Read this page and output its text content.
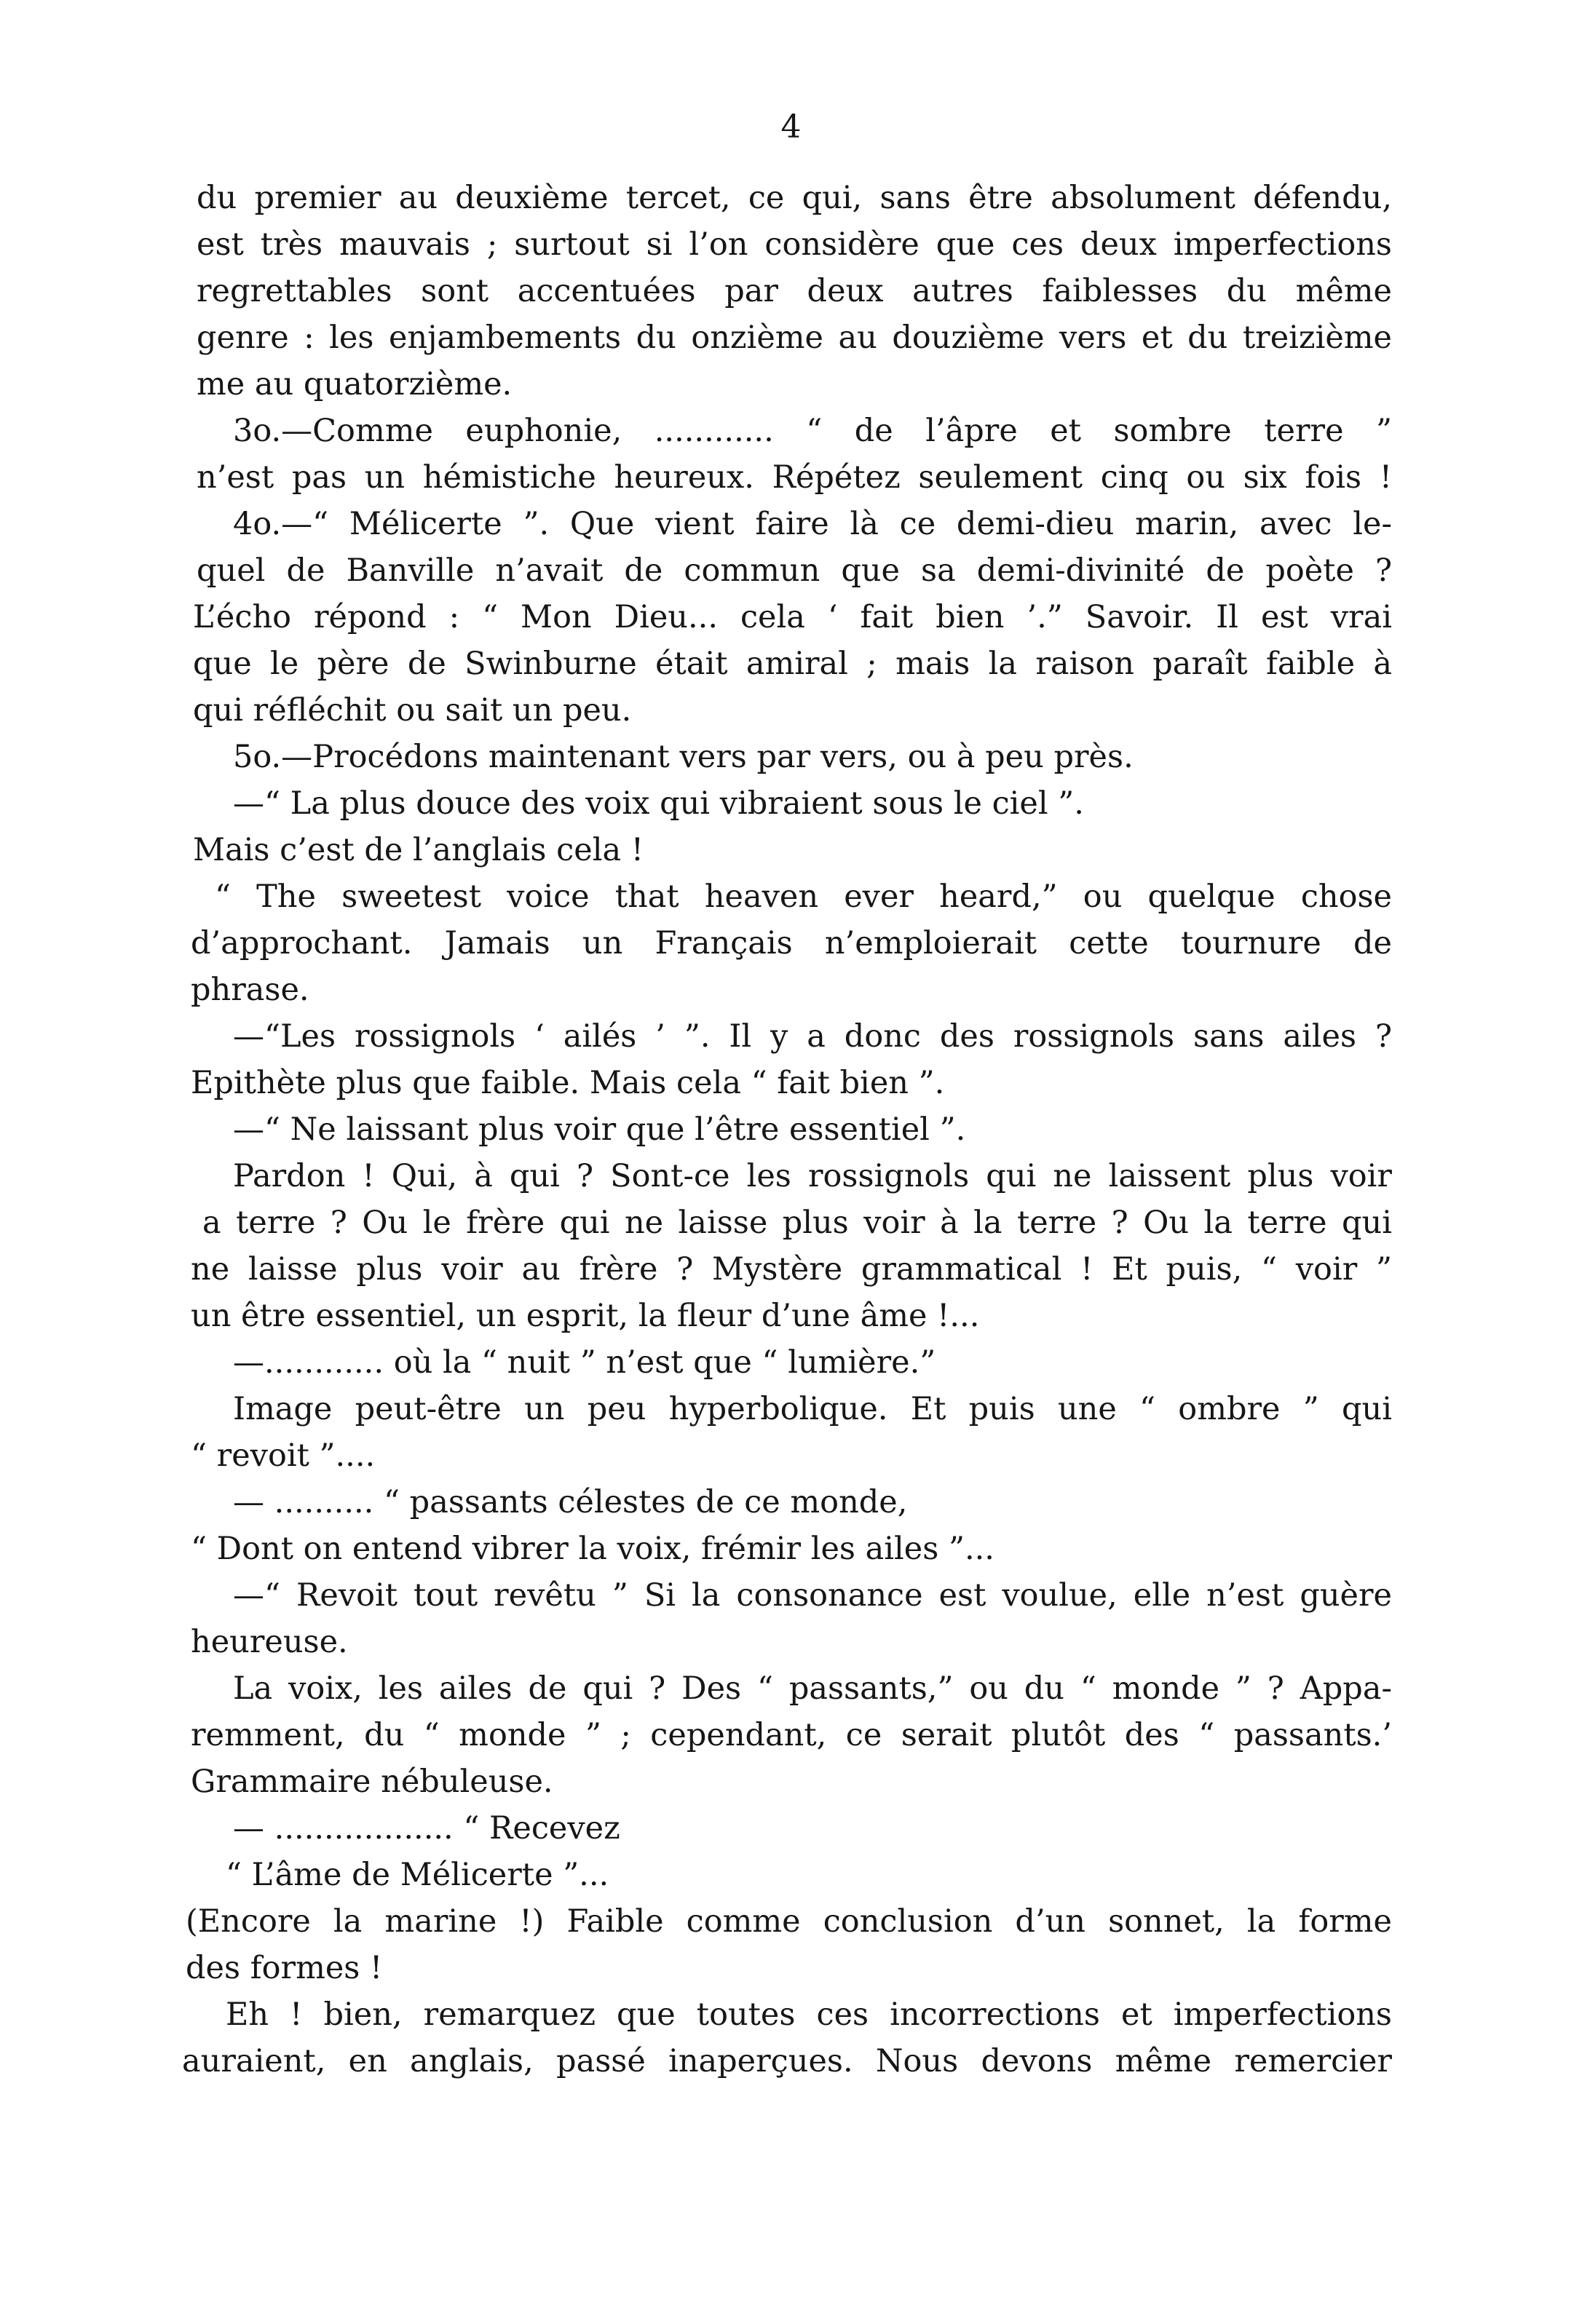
4
du premier au deuxième tercet, ce qui, sans être absolument défendu,
est très mauvais ; surtout si l’on considère que ces deux imperfections
regrettables sont accentuées par deux autres faiblesses du même
genre : les enjambements du onzième au douzième vers et du treizième
me au quatorzième.
3o.—Comme euphonie, ............ “ de l’âpre et sombre terre ”
n’est pas un hémistiche heureux. Répétez seulement cinq ou six fois !
4o.—“ Mélicerte ”. Que vient faire là ce demi-dieu marin, avec le-
quel de Banville n’avait de commun que sa demi-divinité de poète ?
L’écho répond : “ Mon Dieu... cela ‘ fait bien ’.” Savoir. Il est vrai
que le père de Swinburne était amiral ; mais la raison paraît faible à
qui réfléchit ou sait un peu.
5o.—Procédons maintenant vers par vers, ou à peu près.
—“ La plus douce des voix qui vibraient sous le ciel ”.
Mais c’est de l’anglais cela !
“ The sweetest voice that heaven ever heard,” ou quelque chose
d’approchant. Jamais un Français n’emploierait cette tournure de
phrase.
—“Les rossignols ‘ ailés ’ ”. Il y a donc des rossignols sans ailes ?
Epithète plus que faible. Mais cela “ fait bien ”.
—“ Ne laissant plus voir que l’être essentiel ”.
Pardon ! Qui, à qui ? Sont-ce les rossignols qui ne laissent plus voir
a terre ? Ou le frère qui ne laisse plus voir à la terre ? Ou la terre qui
ne laisse plus voir au frère ? Mystère grammatical ! Et puis, “ voir ”
un être essentiel, un esprit, la fleur d’une âme !...
—............ où la “ nuit ” n’est que “ lumière.”
Image peut-être un peu hyperbolique. Et puis une “ ombre ” qui
“ revoit ”....
— .......... “ passants célestes de ce monde,
“ Dont on entend vibrer la voix, frémir les ailes ”...
—“ Revoit tout revêtu ” Si la consonance est voulue, elle n’est guère
heureuse.
La voix, les ailes de qui ? Des “ passants,” ou du “ monde ” ? Appa-
remment, du “ monde ” ; cependant, ce serait plutôt des “ passants.’
Grammaire nébuleuse.
— .................. “ Recevez
“ L’âme de Mélicerte ”...
(Encore la marine !) Faible comme conclusion d’un sonnet, la forme
des formes !
Eh ! bien, remarquez que toutes ces incorrections et imperfections
auraient, en anglais, passé inaperçues. Nous devons même remercier
